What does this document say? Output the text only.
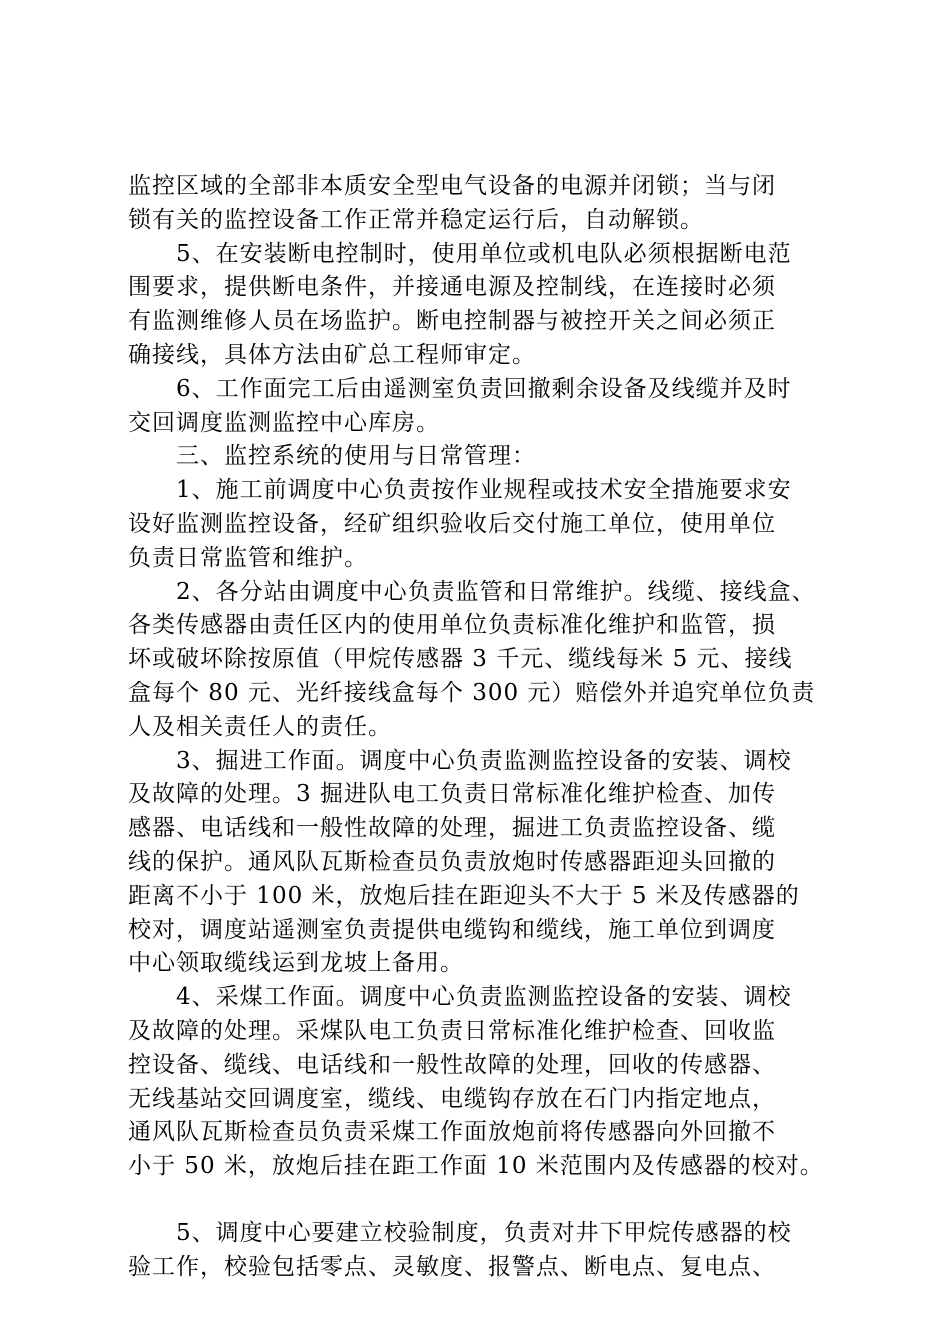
监控区域的全部非本质安全型电气设备的电源并闭锁；当与闭
锁有关的监控设备工作正常并稳定运行后，自动解锁。

5、在安装断电控制时，使用单位或机电队必须根据断电范
围要求，提供断电条件，并接通电源及控制线，在连接时必须
有监测维修人员在场监护。断电控制器与被控开关之间必须正
确接线，具体方法由矿总工程师审定。

6、工作面完工后由遥测室负责回撤剩余设备及线缆并及时
交回调度监测监控中心库房。

三、监控系统的使用与日常管理：

1、施工前调度中心负责按作业规程或技术安全措施要求安
设好监测监控设备，经矿组织验收后交付施工单位，使用单位
负责日常监管和维护。

2、各分站由调度中心负责监管和日常维护。线缆、接线盒、
各类传感器由责任区内的使用单位负责标准化维护和监管，损
坏或破坏除按原值（甲烷传感器 3 千元、缆线每米 5 元、接线
盒每个 80 元、光纤接线盒每个 300 元）赔偿外并追究单位负责
人及相关责任人的责任。

3、掘进工作面。调度中心负责监测监控设备的安装、调校
及故障的处理。3 掘进队电工负责日常标准化维护检查、加传
感器、电话线和一般性故障的处理，掘进工负责监控设备、缆
线的保护。通风队瓦斯检查员负责放炮时传感器距迎头回撤的
距离不小于 100 米，放炮后挂在距迎头不大于 5 米及传感器的
校对，调度站遥测室负责提供电缆钩和缆线，施工单位到调度
中心领取缆线运到龙坡上备用。

4、采煤工作面。调度中心负责监测监控设备的安装、调校
及故障的处理。采煤队电工负责日常标准化维护检查、回收监
控设备、缆线、电话线和一般性故障的处理，回收的传感器、
无线基站交回调度室，缆线、电缆钩存放在石门内指定地点，
通风队瓦斯检查员负责采煤工作面放炮前将传感器向外回撤不
小于 50 米，放炮后挂在距工作面 10 米范围内及传感器的校对。

5、调度中心要建立校验制度，负责对井下甲烷传感器的校
验工作，校验包括零点、灵敏度、报警点、断电点、复电点、
